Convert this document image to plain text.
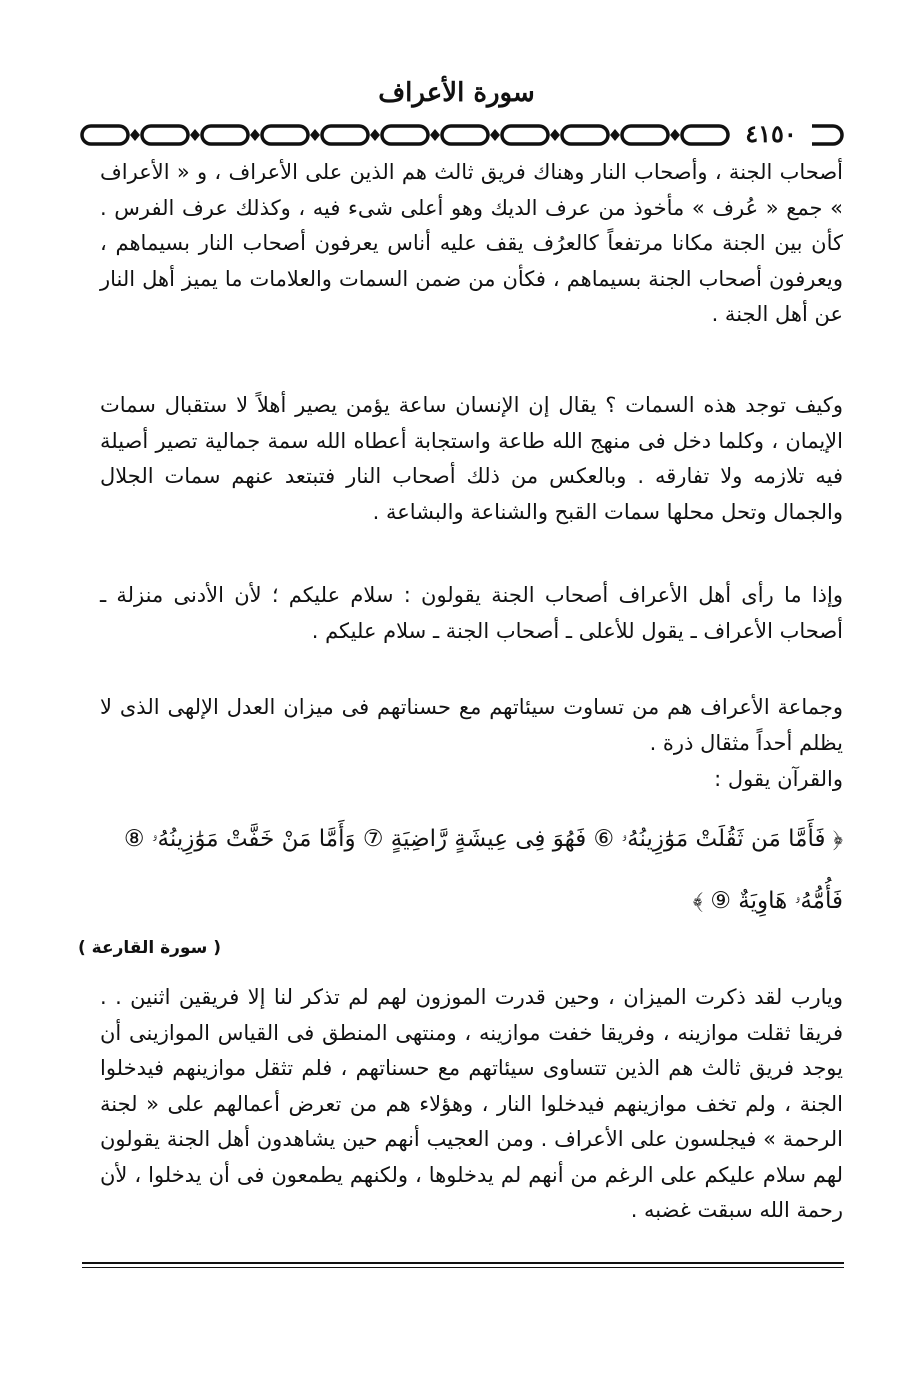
سورة الأعراف
٤١٥٠

أصحاب الجنة ، وأصحاب النار وهناك فريق ثالث هم الذين على الأعراف ، و « الأعراف » جمع « عُرف » مأخوذ من عرف الديك وهو أعلى شىء فيه ، وكذلك عرف الفرس . كأن بين الجنة مكانا مرتفعاً كالعرُف يقف عليه أناس يعرفون أصحاب النار بسيماهم ، ويعرفون أصحاب الجنة بسيماهم ، فكأن من ضمن السمات والعلامات ما يميز أهل النار عن أهل الجنة .

وكيف توجد هذه السمات ؟ يقال إن الإنسان ساعة يؤمن يصير أهلاً لا ستقبال سمات الإيمان ، وكلما دخل فى منهج الله طاعة واستجابة أعطاه الله سمة جمالية تصير أصيلة فيه تلازمه ولا تفارقه . وبالعكس من ذلك أصحاب النار فتبتعد عنهم سمات الجلال والجمال وتحل محلها سمات القبح والشناعة والبشاعة .

وإذا ما رأى أهل الأعراف أصحاب الجنة يقولون : سلام عليكم ؛ لأن الأدنى منزلة ـ أصحاب الأعراف ـ يقول للأعلى ـ أصحاب الجنة ـ سلام عليكم .

وجماعة الأعراف هم من تساوت سيئاتهم مع حسناتهم فى ميزان العدل الإلهى الذى لا يظلم أحداً مثقال ذرة .

والقرآن يقول :

﴿ فَأَمَّا مَن ثَقُلَتْ مَوَٰزِينُهُۥ ⑥ فَهُوَ فِى عِيشَةٍ رَّاضِيَةٍ ⑦ وَأَمَّا مَنْ خَفَّتْ مَوَٰزِينُهُۥ ⑧ فَأُمُّهُۥ هَاوِيَةٌ ⑨ ﴾

( سورة القارعة )

ويارب لقد ذكرت الميزان ، وحين قدرت الموزون لهم لم تذكر لنا إلا فريقين اثنين . . فريقا ثقلت موازينه ، وفريقا خفت موازينه ، ومنتهى المنطق فى القياس الموازينى أن يوجد فريق ثالث هم الذين تتساوى سيئاتهم مع حسناتهم ، فلم تثقل موازينهم فيدخلوا الجنة ، ولم تخف موازينهم فيدخلوا النار ، وهؤلاء هم من تعرض أعمالهم على « لجنة الرحمة » فيجلسون على الأعراف . ومن العجيب أنهم حين يشاهدون أهل الجنة يقولون لهم سلام عليكم على الرغم من أنهم لم يدخلوها ، ولكنهم يطمعون فى أن يدخلوا ، لأن رحمة الله سبقت غضبه .
